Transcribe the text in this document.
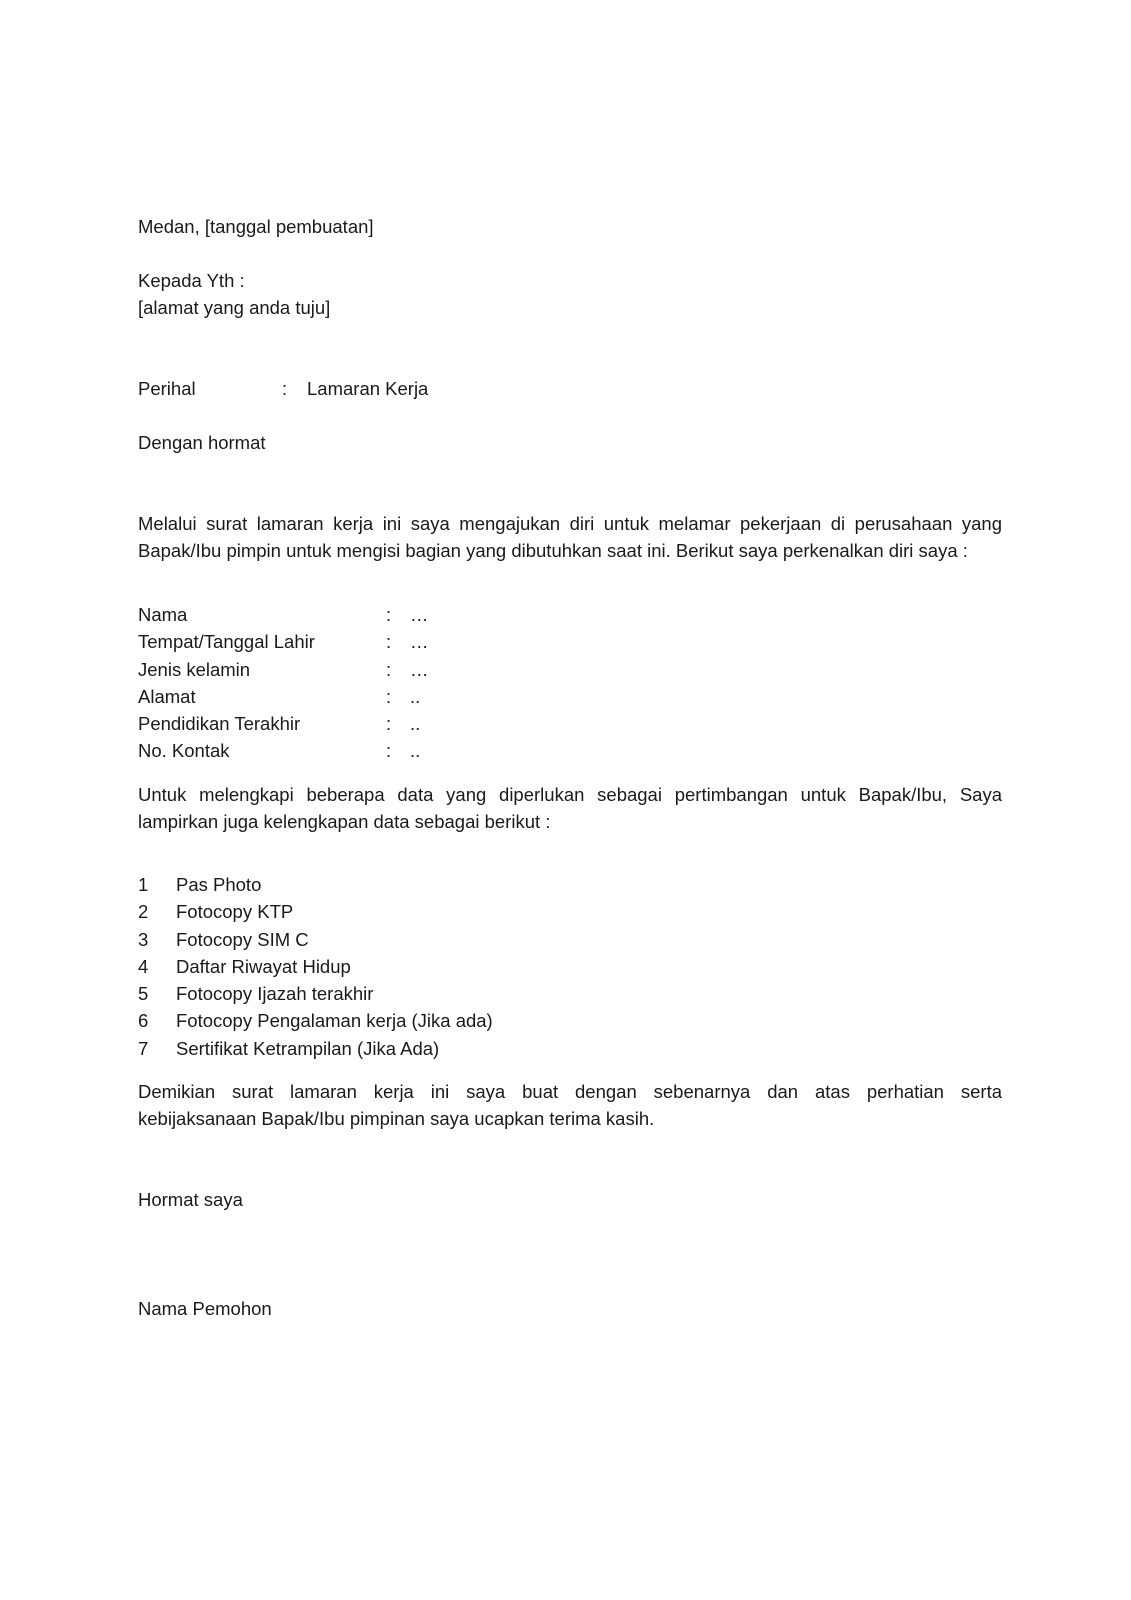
Medan, [tanggal pembuatan]
Kepada Yth :
[alamat yang anda tuju]
Perihal	: Lamaran Kerja
Dengan hormat
Melalui surat lamaran kerja ini saya mengajukan diri untuk melamar pekerjaan di perusahaan yang
Bapak/Ibu pimpin untuk mengisi bagian yang dibutuhkan saat ini. Berikut saya perkenalkan diri saya :
Nama	: …
Tempat/Tanggal Lahir	: …
Jenis kelamin	: …
Alamat	: ..
Pendidikan Terakhir	: ..
No. Kontak	: ..
Untuk melengkapi beberapa data yang diperlukan sebagai pertimbangan untuk Bapak/Ibu, Saya
lampirkan juga kelengkapan data sebagai berikut :
1 Pas Photo
2 Fotocopy KTP
3 Fotocopy SIM C
4 Daftar Riwayat Hidup
5 Fotocopy Ijazah terakhir
6 Fotocopy Pengalaman kerja (Jika ada)
7 Sertifikat Ketrampilan (Jika Ada)
Demikian surat lamaran kerja ini saya buat dengan sebenarnya dan atas perhatian serta
kebijaksanaan Bapak/Ibu pimpinan saya ucapkan terima kasih.
Hormat saya
Nama Pemohon
